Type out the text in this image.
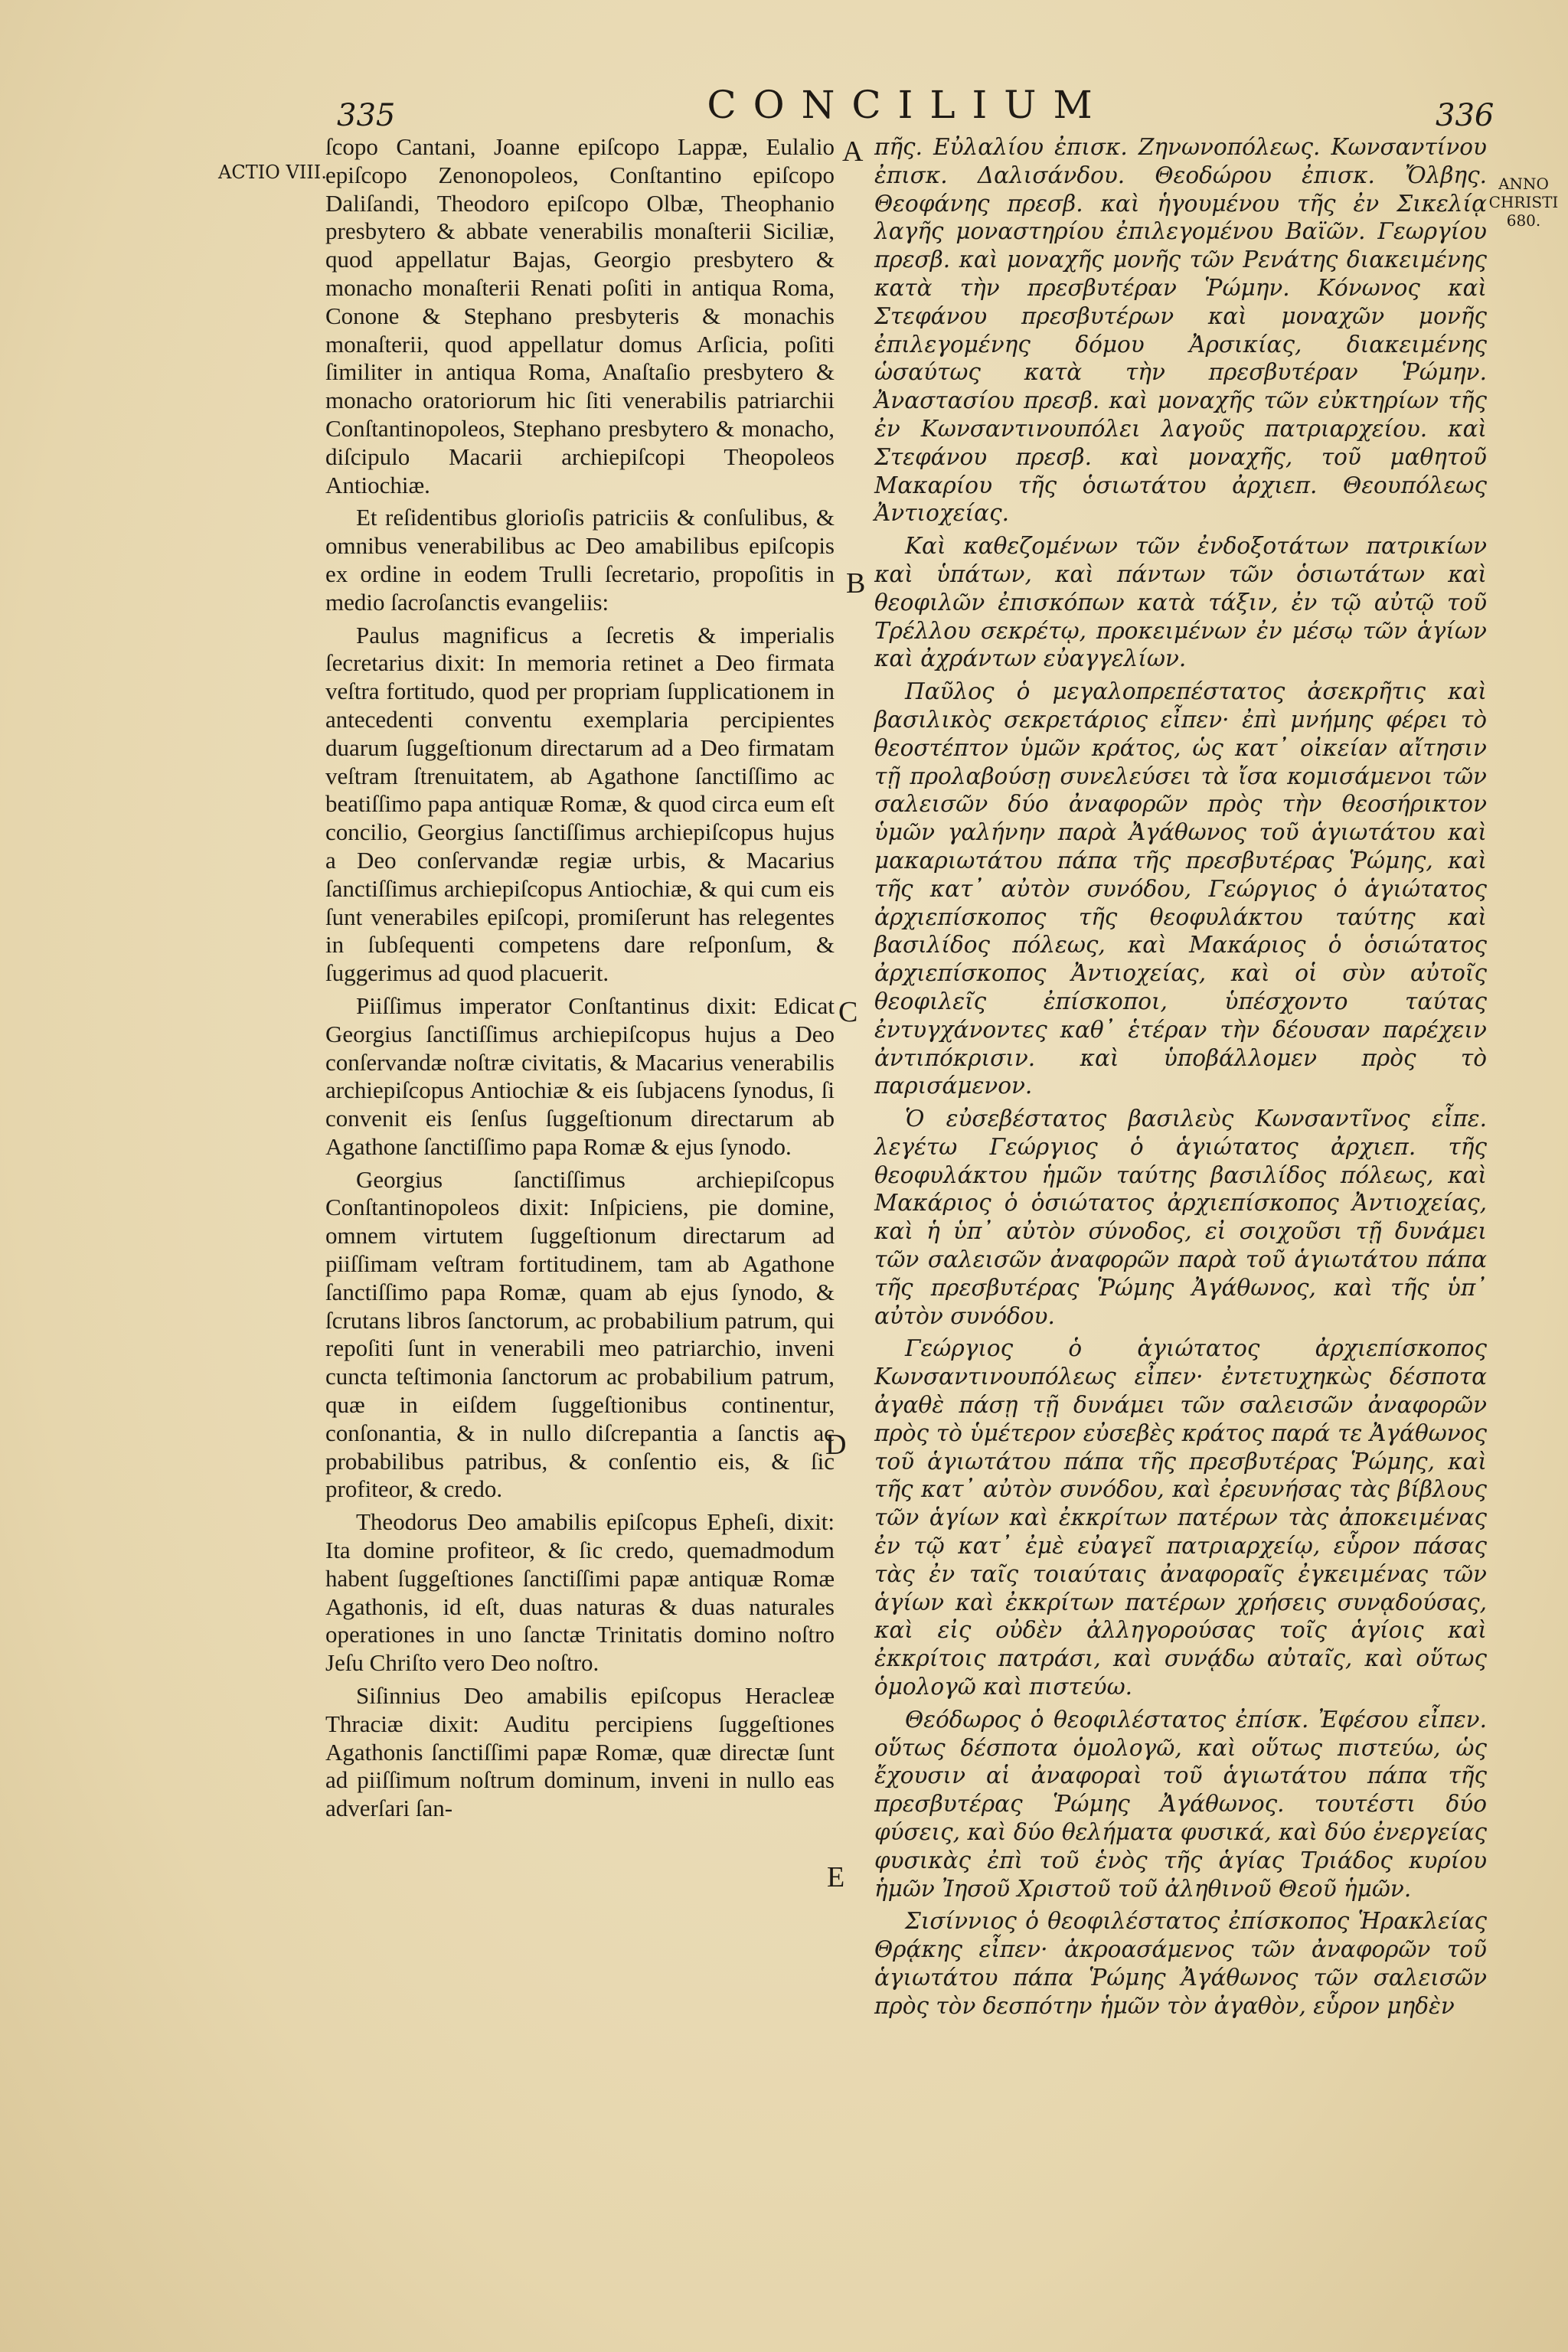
335	CONCILIUM	336
ACTIO VIII.
ANNO
CHRISTI
680.
A
B
C
D
E

ſcopo Cantani, Joanne epiſcopo Lappæ, Eulalio epiſcopo Zenonopoleos, Conſtantino epiſcopo Daliſandi, Theodoro epiſcopo Olbæ, Theophanio presbytero & abbate venerabilis monaſterii Siciliæ, quod appellatur Bajas, Georgio presbytero & monacho monaſterii Renati poſiti in antiqua Roma, Conone & Stephano presbyteris & monachis monaſterii, quod appellatur domus Arſicia, poſiti ſimiliter in antiqua Roma, Anaſtaſio presbytero & monacho oratoriorum hic ſiti venerabilis patriarchii Conſtantinopoleos, Stephano presbytero & monacho, diſcipulo Macarii archiepiſcopi Theopoleos Antiochiæ.

Et reſidentibus glorioſis patriciis & conſulibus, & omnibus venerabilibus ac Deo amabilibus epiſcopis ex ordine in eodem Trulli ſecretario, propoſitis in medio ſacroſanctis evangeliis:

Paulus magnificus a ſecretis & imperialis ſecretarius dixit: In memoria retinet a Deo firmata veſtra fortitudo, quod per propriam ſupplicationem in antecedenti conventu exemplaria percipientes duarum ſuggeſtionum directarum ad a Deo firmatam veſtram ſtrenuitatem, ab Agathone ſanctiſſimo ac beatiſſimo papa antiquæ Romæ, & quod circa eum eſt concilio, Georgius ſanctiſſimus archiepiſcopus hujus a Deo conſervandæ regiæ urbis, & Macarius ſanctiſſimus archiepiſcopus Antiochiæ, & qui cum eis ſunt venerabiles epiſcopi, promiſerunt has relegentes in ſubſequenti competens dare reſponſum, & ſuggerimus ad quod placuerit.

Piiſſimus imperator Conſtantinus dixit: Edicat Georgius ſanctiſſimus archiepiſcopus hujus a Deo conſervandæ noſtræ civitatis, & Macarius venerabilis archiepiſcopus Antiochiæ & eis ſubjacens ſynodus, ſi convenit eis ſenſus ſuggeſtionum directarum ab Agathone ſanctiſſimo papa Romæ & ejus ſynodo.

Georgius ſanctiſſimus archiepiſcopus Conſtantinopoleos dixit: Inſpiciens, pie domine, omnem virtutem ſuggeſtionum directarum ad piiſſimam veſtram fortitudinem, tam ab Agathone ſanctiſſimo papa Romæ, quam ab ejus ſynodo, & ſcrutans libros ſanctorum, ac probabilium patrum, qui repoſiti ſunt in venerabili meo patriarchio, inveni cuncta teſtimonia ſanctorum ac probabilium patrum, quæ in eiſdem ſuggeſtionibus continentur, conſonantia, & in nullo diſcrepantia a ſanctis ac probabilibus patribus, & conſentio eis, & ſic profiteor, & credo.

Theodorus Deo amabilis epiſcopus Epheſi, dixit: Ita domine profiteor, & ſic credo, quemadmodum habent ſuggeſtiones ſanctiſſimi papæ antiquæ Romæ Agathonis, id eſt, duas naturas & duas naturales operationes in uno ſanctæ Trinitatis domino noſtro Jeſu Chriſto vero Deo noſtro.

Siſinnius Deo amabilis epiſcopus Heracleæ Thraciæ dixit: Auditu percipiens ſuggeſtiones Agathonis ſanctiſſimi papæ Romæ, quæ directæ ſunt ad piiſſimum noſtrum dominum, inveni in nullo eas adverſari ſan-

πῆς. Εὐλαλίου ἐπισκ. Ζηνωνοπόλεως. Κωνσαντίνου ἐπισκ. Δαλισάνδου. Θεοδώρου ἐπισκ. Ὄλβης. Θεοφάνης πρεσβ. καὶ ἡγουμένου τῆς ἐν Σικελίᾳ λαγῆς μοναστηρίου ἐπιλεγομένου Βαϊῶν. Γεωργίου πρεσβ. καὶ μοναχῆς μονῆς τῶν Ρενάτης διακειμένης κατὰ τὴν πρεσβυτέραν Ῥώμην. Κόνωνος καὶ Στεφάνου πρεσβυτέρων καὶ μοναχῶν μονῆς ἐπιλεγομένης δόμου Ἀρσικίας, διακειμένης ὡσαύτως κατὰ τὴν πρεσβυτέραν Ῥώμην. Ἀναστασίου πρεσβ. καὶ μοναχῆς τῶν εὐκτηρίων τῆς ἐν Κωνσαντινουπόλει λαγοῦς πατριαρχείου. καὶ Στεφάνου πρεσβ. καὶ μοναχῆς, τοῦ μαθητοῦ Μακαρίου τῆς ὁσιωτάτου ἀρχιεπ. Θεουπόλεως Ἀντιοχείας.

Καὶ καθεζομένων τῶν ἐνδοξοτάτων πατρικίων καὶ ὑπάτων, καὶ πάντων τῶν ὁσιωτάτων καὶ θεοφιλῶν ἐπισκόπων κατὰ τάξιν, ἐν τῷ αὐτῷ τοῦ Τρέλλου σεκρέτῳ, προκειμένων ἐν μέσῳ τῶν ἁγίων καὶ ἀχράντων εὐαγγελίων.

Παῦλος ὁ μεγαλοπρεπέστατος ἀσεκρῆτις καὶ βασιλικὸς σεκρετάριος εἶπεν· ἐπὶ μνήμης φέρει τὸ θεοστέπτον ὑμῶν κράτος, ὡς κατ᾽ οἰκείαν αἴτησιν τῇ προλαβούσῃ συνελεύσει τὰ ἴσα κομισάμενοι τῶν σαλεισῶν δύο ἀναφορῶν πρὸς τὴν θεοσήρικτον ὑμῶν γαλήνην παρὰ Ἀγάθωνος τοῦ ἁγιωτάτου καὶ μακαριωτάτου πάπα τῆς πρεσβυτέρας Ῥώμης, καὶ τῆς κατ᾽ αὐτὸν συνόδου, Γεώργιος ὁ ἁγιώτατος ἀρχιεπίσκοπος τῆς θεοφυλάκτου ταύτης καὶ βασιλίδος πόλεως, καὶ Μακάριος ὁ ὁσιώτατος ἀρχιεπίσκοπος Ἀντιοχείας, καὶ οἱ σὺν αὐτοῖς θεοφιλεῖς ἐπίσκοποι, ὑπέσχοντο ταύτας ἐντυγχάνοντες καθ᾽ ἑτέραν τὴν δέουσαν παρέχειν ἀντιπόκρισιν. καὶ ὑποβάλλομεν πρὸς τὸ παρισάμενον.

Ὁ εὐσεβέστατος βασιλεὺς Κωνσαντῖνος εἶπε. λεγέτω Γεώργιος ὁ ἁγιώτατος ἀρχιεπ. τῆς θεοφυλάκτου ἡμῶν ταύτης βασιλίδος πόλεως, καὶ Μακάριος ὁ ὁσιώτατος ἀρχιεπίσκοπος Ἀντιοχείας, καὶ ἡ ὑπ᾽ αὐτὸν σύνοδος, εἰ σοιχοῦσι τῇ δυνάμει τῶν σαλεισῶν ἀναφορῶν παρὰ τοῦ ἁγιωτάτου πάπα τῆς πρεσβυτέρας Ῥώμης Ἀγάθωνος, καὶ τῆς ὑπ᾽ αὐτὸν συνόδου.

Γεώργιος ὁ ἁγιώτατος ἀρχιεπίσκοπος Κωνσαντινουπόλεως εἶπεν· ἐντετυχηκὼς δέσποτα ἀγαθὲ πάσῃ τῇ δυνάμει τῶν σαλεισῶν ἀναφορῶν πρὸς τὸ ὑμέτερον εὐσεβὲς κράτος παρά τε Ἀγάθωνος τοῦ ἁγιωτάτου πάπα τῆς πρεσβυτέρας Ῥώμης, καὶ τῆς κατ᾽ αὐτὸν συνόδου, καὶ ἐρευνήσας τὰς βίβλους τῶν ἁγίων καὶ ἐκκρίτων πατέρων τὰς ἀποκειμένας ἐν τῷ κατ᾽ ἐμὲ εὐαγεῖ πατριαρχείῳ, εὗρον πάσας τὰς ἐν ταῖς τοιαύταις ἀναφοραῖς ἐγκειμένας τῶν ἁγίων καὶ ἐκκρίτων πατέρων χρήσεις συνᾳδούσας, καὶ εἰς οὐδὲν ἀλληγορούσας τοῖς ἁγίοις καὶ ἐκκρίτοις πατράσι, καὶ συνᾴδω αὐταῖς, καὶ οὕτως ὁμολογῶ καὶ πιστεύω.

Θεόδωρος ὁ θεοφιλέστατος ἐπίσκ. Ἐφέσου εἶπεν. οὕτως δέσποτα ὁμολογῶ, καὶ οὕτως πιστεύω, ὡς ἔχουσιν αἱ ἀναφοραὶ τοῦ ἁγιωτάτου πάπα τῆς πρεσβυτέρας Ῥώμης Ἀγάθωνος. τουτέστι δύο φύσεις, καὶ δύο θελήματα φυσικά, καὶ δύο ἐνεργείας φυσικὰς ἐπὶ τοῦ ἑνὸς τῆς ἁγίας Τριάδος κυρίου ἡμῶν Ἰησοῦ Χριστοῦ τοῦ ἀληθινοῦ Θεοῦ ἡμῶν.

Σισίννιος ὁ θεοφιλέστατος ἐπίσκοπος Ἡρακλείας Θρᾴκης εἶπεν· ἀκροασάμενος τῶν ἀναφορῶν τοῦ ἁγιωτάτου πάπα Ῥώμης Ἀγάθωνος τῶν σαλεισῶν πρὸς τὸν δεσπότην ἡμῶν τὸν ἀγαθὸν, εὗρον μηδὲν
